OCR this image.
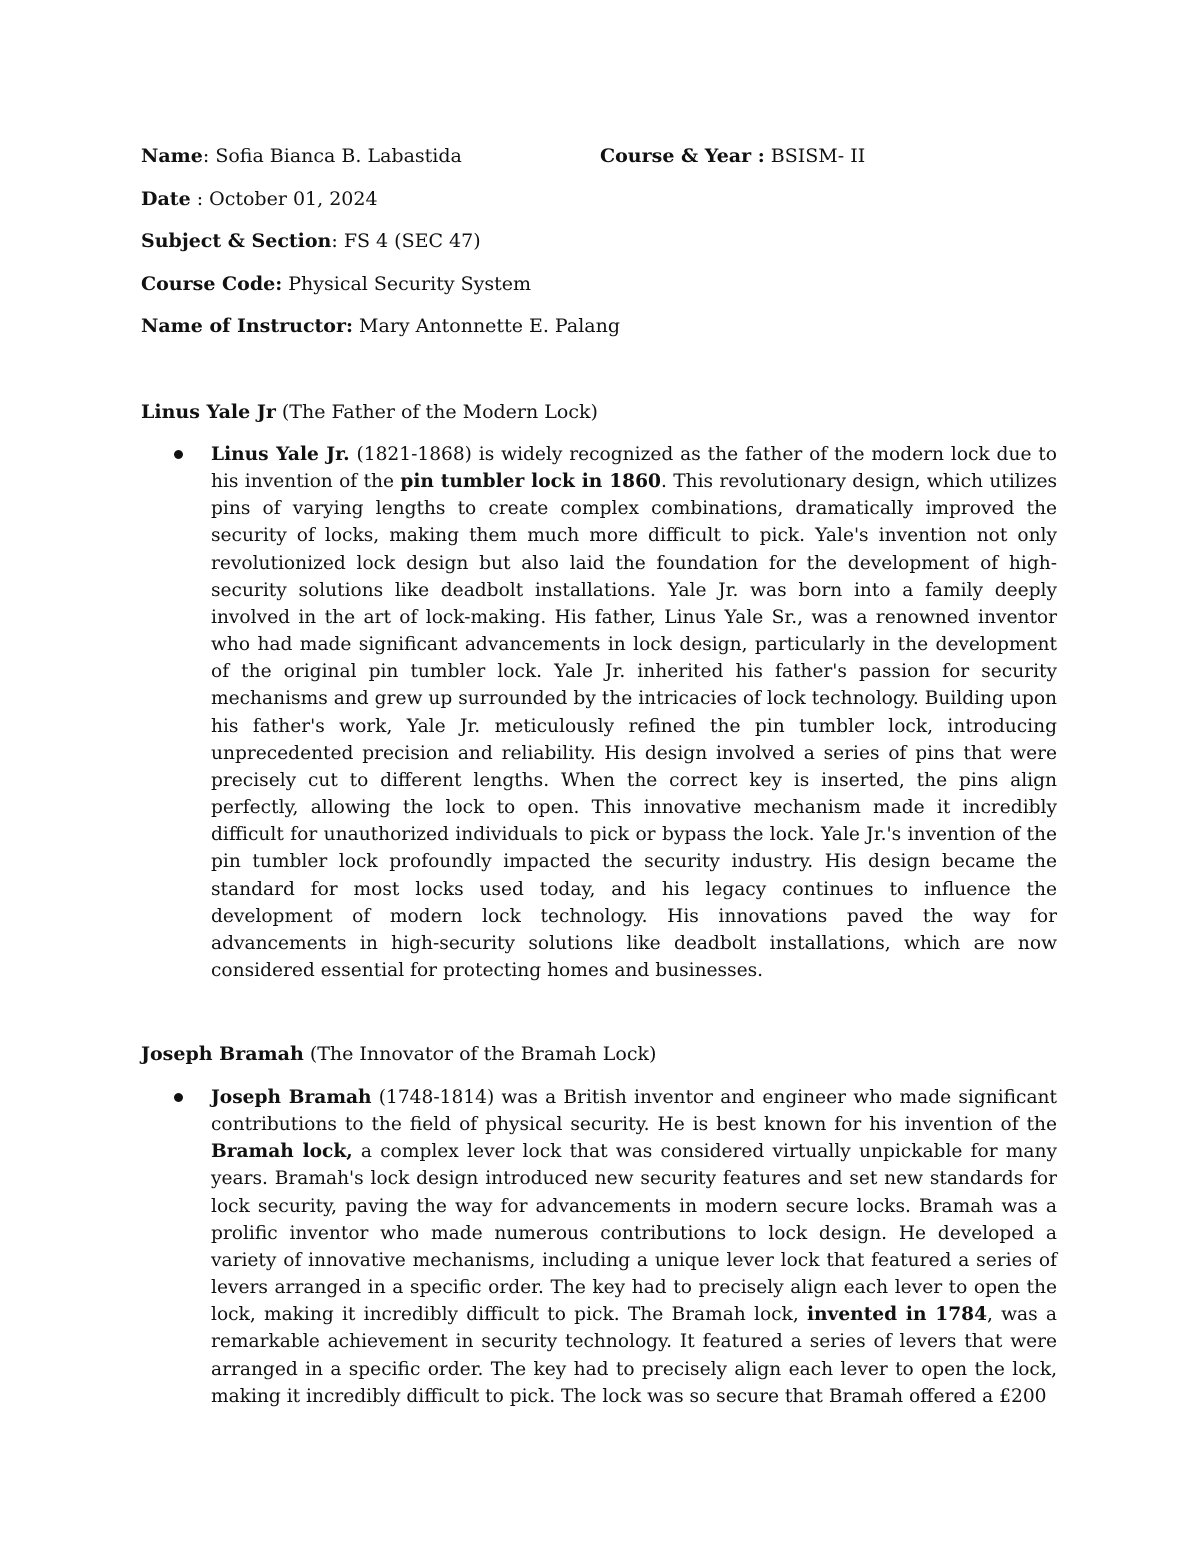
Name: Sofia Bianca B. Labastida	Course & Year : BSISM- II
Date : October 01, 2024
Subject & Section: FS 4 (SEC 47)
Course Code: Physical Security System
Name of Instructor: Mary Antonnette E. Palang
Linus Yale Jr (The Father of the Modern Lock)
Linus Yale Jr. (1821-1868) is widely recognized as the father of the modern lock due to his invention of the pin tumbler lock in 1860. This revolutionary design, which utilizes pins of varying lengths to create complex combinations, dramatically improved the security of locks, making them much more difficult to pick. Yale's invention not only revolutionized lock design but also laid the foundation for the development of high-security solutions like deadbolt installations. Yale Jr. was born into a family deeply involved in the art of lock-making. His father, Linus Yale Sr., was a renowned inventor who had made significant advancements in lock design, particularly in the development of the original pin tumbler lock. Yale Jr. inherited his father's passion for security mechanisms and grew up surrounded by the intricacies of lock technology. Building upon his father's work, Yale Jr. meticulously refined the pin tumbler lock, introducing unprecedented precision and reliability. His design involved a series of pins that were precisely cut to different lengths. When the correct key is inserted, the pins align perfectly, allowing the lock to open. This innovative mechanism made it incredibly difficult for unauthorized individuals to pick or bypass the lock. Yale Jr.'s invention of the pin tumbler lock profoundly impacted the security industry. His design became the standard for most locks used today, and his legacy continues to influence the development of modern lock technology. His innovations paved the way for advancements in high-security solutions like deadbolt installations, which are now considered essential for protecting homes and businesses.
Joseph Bramah (The Innovator of the Bramah Lock)
Joseph Bramah (1748-1814) was a British inventor and engineer who made significant contributions to the field of physical security. He is best known for his invention of the Bramah lock, a complex lever lock that was considered virtually unpickable for many years. Bramah's lock design introduced new security features and set new standards for lock security, paving the way for advancements in modern secure locks. Bramah was a prolific inventor who made numerous contributions to lock design. He developed a variety of innovative mechanisms, including a unique lever lock that featured a series of levers arranged in a specific order. The key had to precisely align each lever to open the lock, making it incredibly difficult to pick. The Bramah lock, invented in 1784, was a remarkable achievement in security technology. It featured a series of levers that were arranged in a specific order. The key had to precisely align each lever to open the lock, making it incredibly difficult to pick. The lock was so secure that Bramah offered a £200
